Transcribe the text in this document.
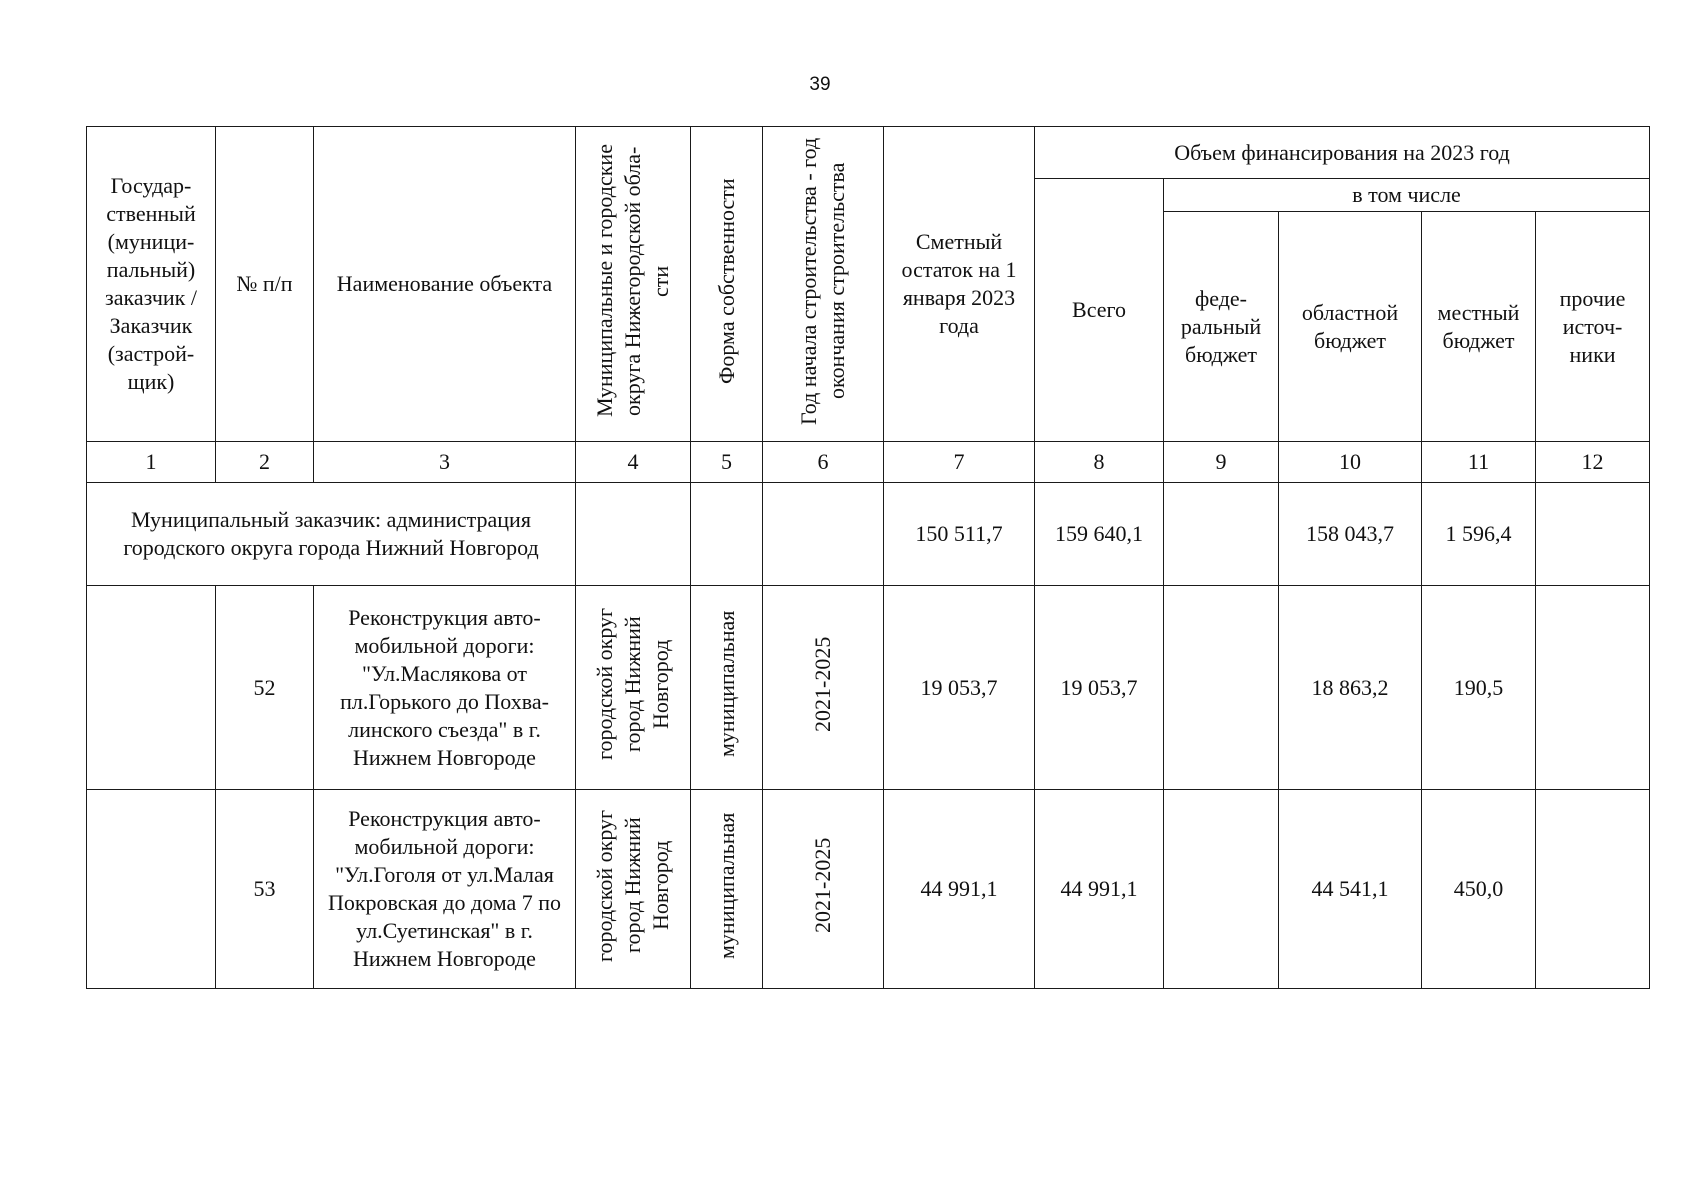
39
Государ-ственный (муници-пальный) заказчик / Заказчик (застрой-щик)	№ п/п	Наименование объекта	Муниципальные и городские округа Нижегородской обла-сти	Форма собственности	Год начала строительства - год окончания строительства	Сметный остаток на 1 января 2023 года	Объем финансирования на 2023 год				
							Всего	в том числе			
								феде-ральный бюджет	областной бюджет	местный бюджет	прочие источ-ники
1	2	3	4	5	6	7	8	9	10	11	12
Муниципальный заказчик: администрация городского округа города Нижний Новгород						150 511,7	159 640,1		158 043,7	1 596,4	
	52	Реконструкция авто-мобильной дороги: "Ул.Маслякова от пл.Горького до Похва-линского съезда" в г. Нижнем Новгороде	городской округ город Нижний Новгород	муниципальная	2021-2025	19 053,7	19 053,7		18 863,2	190,5	
	53	Реконструкция авто-мобильной дороги: "Ул.Гоголя от ул.Малая Покровская до дома 7 по ул.Суетинская" в г. Нижнем Новгороде	городской округ город Нижний Новгород	муниципальная	2021-2025	44 991,1	44 991,1		44 541,1	450,0	
